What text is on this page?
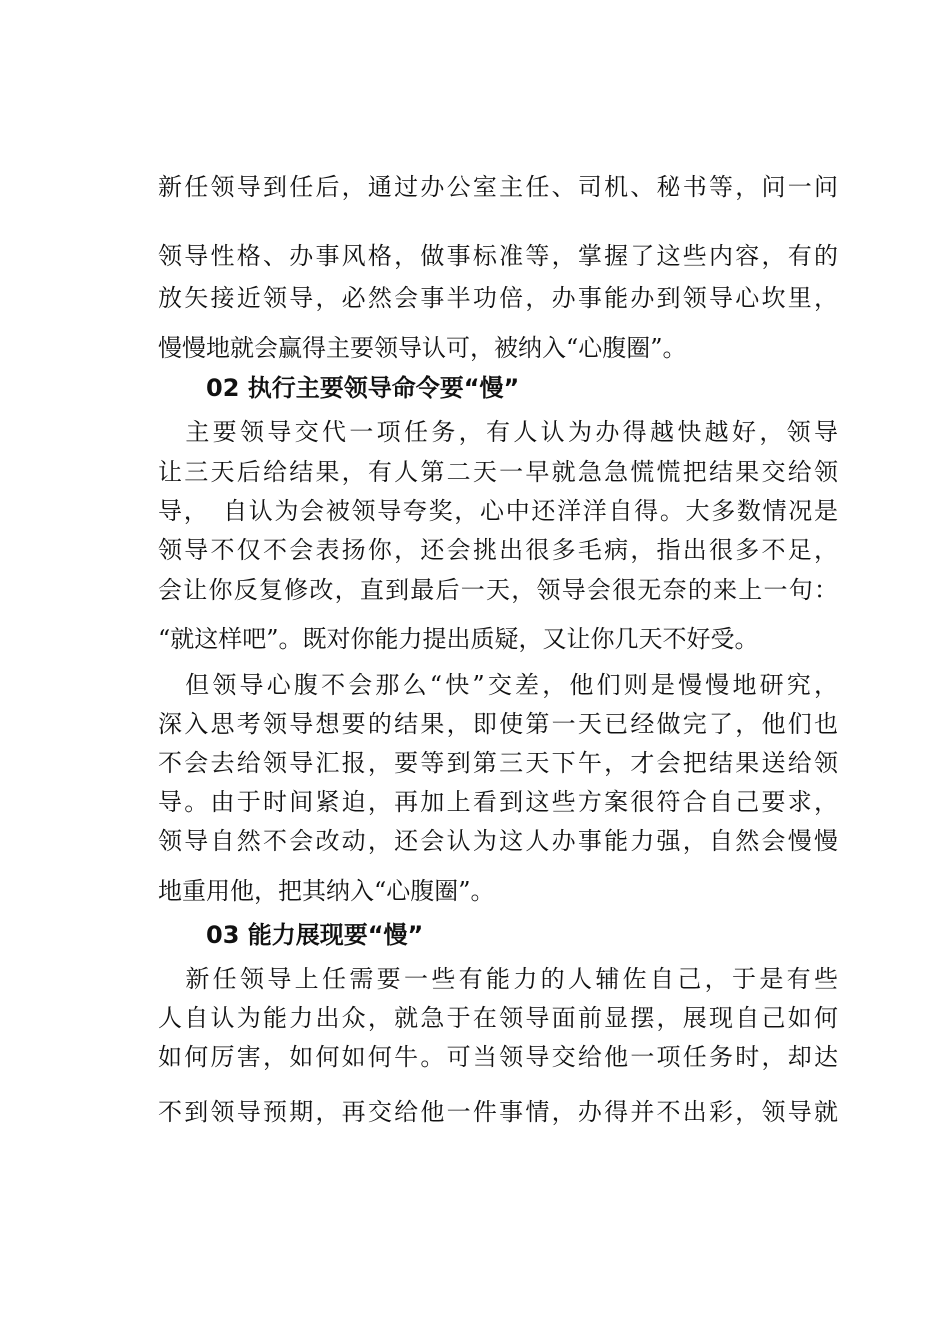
新任领导到任后，通过办公室主任、司机、秘书等，问一问
领导性格、办事风格，做事标准等，掌握了这些内容，有的
放矢接近领导，必然会事半功倍，办事能办到领导心坎里，
慢慢地就会赢得主要领导认可，被纳入“心腹圈”。
02 执行主要领导命令要“慢”
　主要领导交代一项任务，有人认为办得越快越好，领导
让三天后给结果，有人第二天一早就急急慌慌把结果交给领
导，　自认为会被领导夸奖，心中还洋洋自得。大多数情况是
领导不仅不会表扬你，还会挑出很多毛病，指出很多不足，
会让你反复修改，直到最后一天，领导会很无奈的来上一句：
“就这样吧”。既对你能力提出质疑，又让你几天不好受。
　但领导心腹不会那么“快”交差，他们则是慢慢地研究，
深入思考领导想要的结果，即使第一天已经做完了，他们也
不会去给领导汇报，要等到第三天下午，才会把结果送给领
导。由于时间紧迫，再加上看到这些方案很符合自己要求，
领导自然不会改动，还会认为这人办事能力强，自然会慢慢
地重用他，把其纳入“心腹圈”。
03 能力展现要“慢”
　新任领导上任需要一些有能力的人辅佐自己，于是有些
人自认为能力出众，就急于在领导面前显摆，展现自己如何
如何厉害，如何如何牛。可当领导交给他一项任务时，却达
不到领导预期，再交给他一件事情，办得并不出彩，领导就
